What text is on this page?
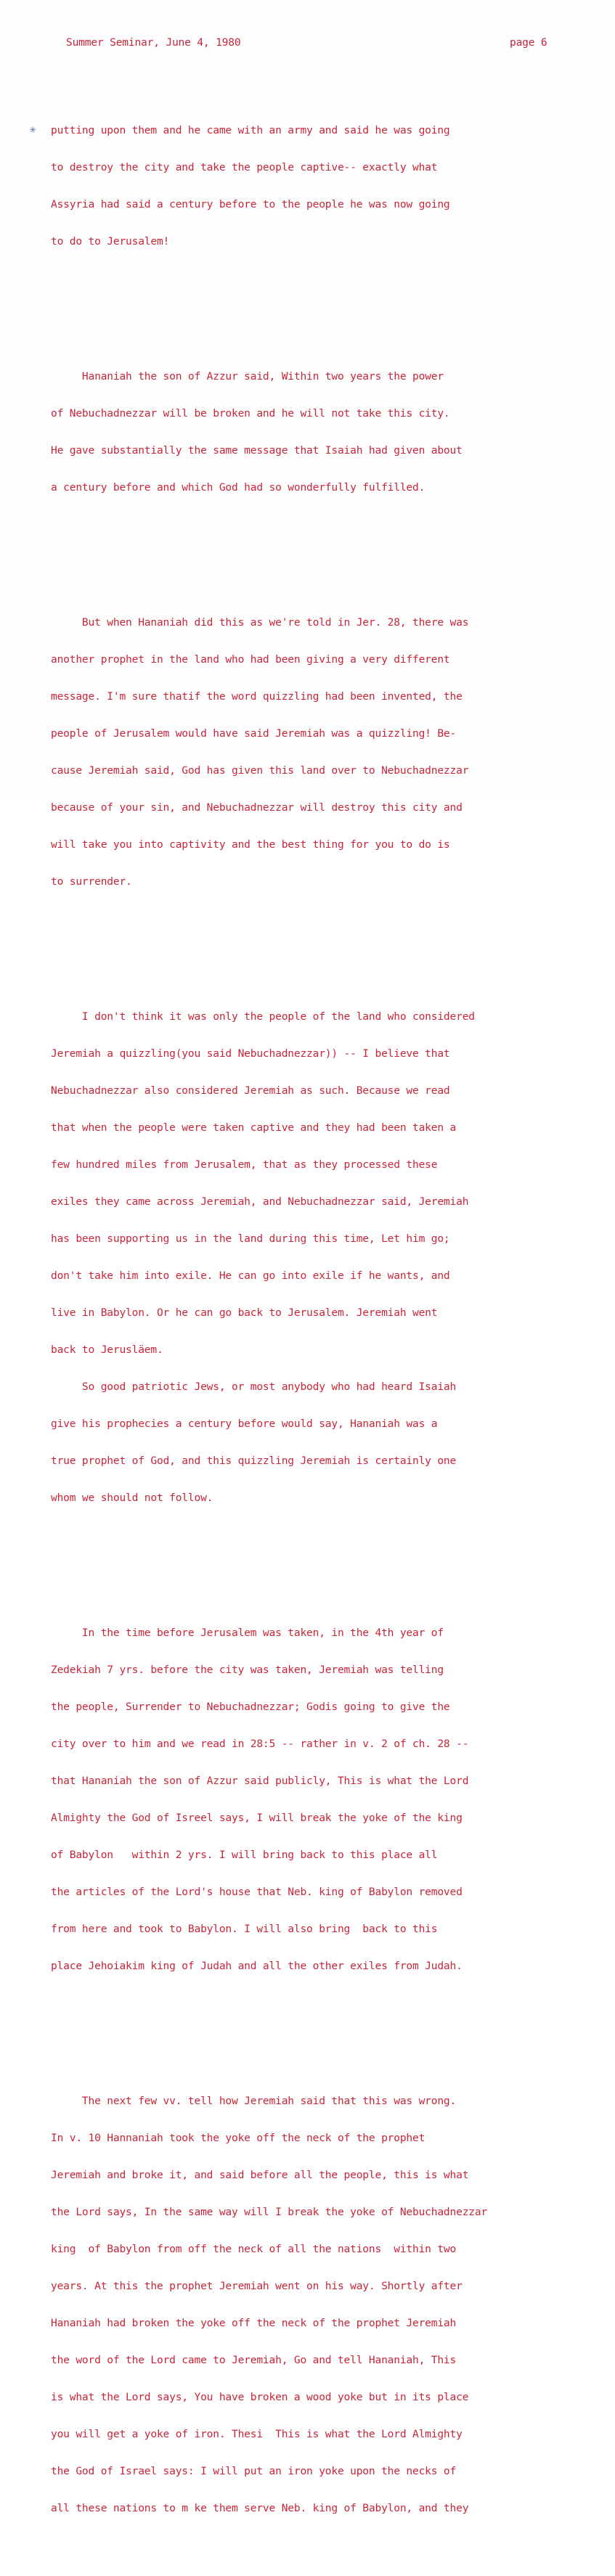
Summer Seminar, June 4, 1980	page 6
✳

putting upon them and he came with an army and said he was going

to destroy the city and take the people captive-- exactly what

Assyria had said a century before to the people he was now going

to do to Jerusalem!

Hananiah the son of Azzur said, Within two years the power

of Nebuchadnezzar will be broken and he will not take this city.

He gave substantially the same message that Isaiah had given about

a century before and which God had so wonderfully fulfilled.

But when Hananiah did this as we're told in Jer. 28, there was

another prophet in the land who had been giving a very different

message. I'm sure thatif the word quizzling had been invented, the

people of Jerusalem would have said Jeremiah was a quizzling! Be-

cause Jeremiah said, God has given this land over to Nebuchadnezzar

because of your sin, and Nebuchadnezzar will destroy this city and

will take you into captivity and the best thing for you to do is

to surrender.

I don't think it was only the people of the land who considered

Jeremiah a quizzling(you said Nebuchadnezzar)) -- I believe that

Nebuchadnezzar also considered Jeremiah as such. Because we read

that when the people were taken captive and they had been taken a

few hundred miles from Jerusalem, that as they processed these

exiles they came across Jeremiah, and Nebuchadnezzar said, Jeremiah

has been supporting us in the land during this time, Let him go;

don't take him into exile. He can go into exile if he wants, and

live in Babylon. Or he can go back to Jerusalem. Jeremiah went

back to Jerusläem.

So good patriotic Jews, or most anybody who had heard Isaiah

give his prophecies a century before would say, Hananiah was a

true prophet of God, and this quizzling Jeremiah is certainly one

whom we should not follow.

In the time before Jerusalem was taken, in the 4th year of

Zedekiah 7 yrs. before the city was taken, Jeremiah was telling

the people, Surrender to Nebuchadnezzar; Godis going to give the

city over to him and we read in 28:5 -- rather in v. 2 of ch. 28 --

that Hananiah the son of Azzur said publicly, This is what the Lord

Almighty the God of Isreel says, I will break the yoke of the king

of Babylon   within 2 yrs. I will bring back to this place all

the articles of the Lord's house that Neb. king of Babylon removed

from here and took to Babylon. I will also bring  back to this

place Jehoiakim king of Judah and all the other exiles from Judah.

The next few vv. tell how Jeremiah said that this was wrong.

In v. 10 Hannaniah took the yoke off the neck of the prophet

Jeremiah and broke it, and said before all the people, this is what

the Lord says, In the same way will I break the yoke of Nebuchadnezzar

king  of Babylon from off the neck of all the nations  within two

years. At this the prophet Jeremiah went on his way. Shortly after

Hananiah had broken the yoke off the neck of the prophet Jeremiah

the word of the Lord came to Jeremiah, Go and tell Hananiah, This

is what the Lord says, You have broken a wood yoke but in its place

you will get a yoke of iron. Thesi  This is what the Lord Almighty

the God of Israel says: I will put an iron yoke upon the necks of

all these nations to m ke them serve Neb. king of Babylon, and they
